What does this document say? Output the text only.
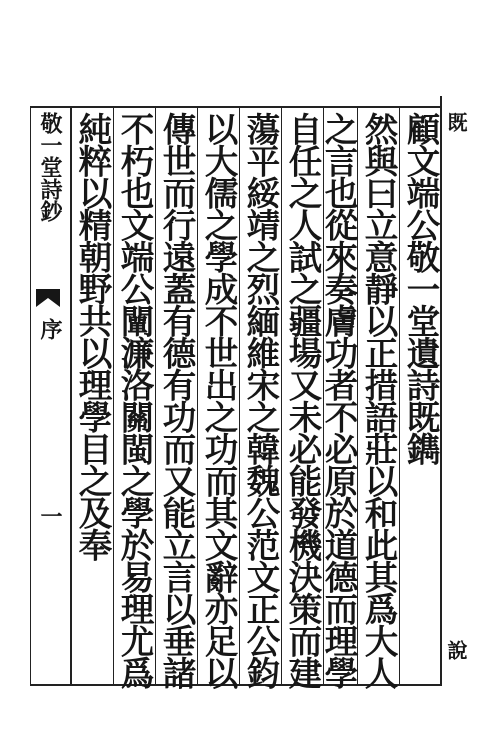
敬一堂詩鈔
序
一
顧文端公敬一堂遺詩既鐫
然與曰立意靜以正措語莊以和此其爲大人
之言也從來奏膚功者不必原於道德而理學
自任之人試之疆場又未必能發機決策而建
蕩平綏靖之烈緬維宋之韓魏公范文正公鈞
以大儒之學成不世出之功而其文辭亦足以
傳世而行遠蓋有德有功而又能立言以垂諸
不朽也文端公闡濂洛關閩之學於易理尤爲
純粹以精朝野共以理學目之及奉	既
說
